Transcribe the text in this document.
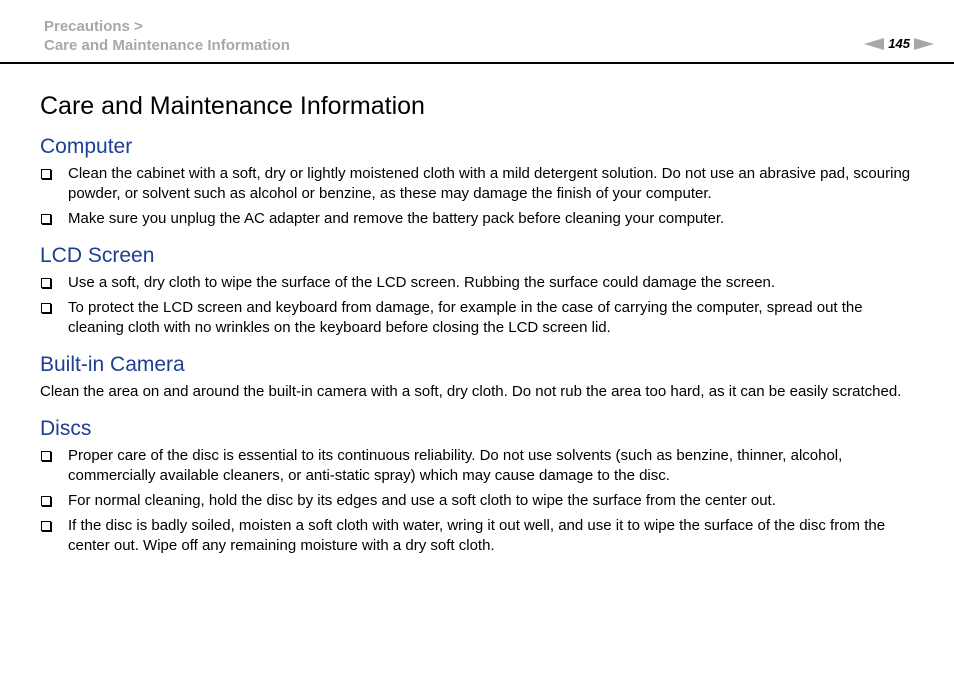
Precautions >
Care and Maintenance Information	145
Care and Maintenance Information
Computer
Clean the cabinet with a soft, dry or lightly moistened cloth with a mild detergent solution. Do not use an abrasive pad, scouring powder, or solvent such as alcohol or benzine, as these may damage the finish of your computer.
Make sure you unplug the AC adapter and remove the battery pack before cleaning your computer.
LCD Screen
Use a soft, dry cloth to wipe the surface of the LCD screen. Rubbing the surface could damage the screen.
To protect the LCD screen and keyboard from damage, for example in the case of carrying the computer, spread out the cleaning cloth with no wrinkles on the keyboard before closing the LCD screen lid.
Built-in Camera

Clean the area on and around the built-in camera with a soft, dry cloth. Do not rub the area too hard, as it can be easily scratched.

Discs
Proper care of the disc is essential to its continuous reliability. Do not use solvents (such as benzine, thinner, alcohol, commercially available cleaners, or anti-static spray) which may cause damage to the disc.
For normal cleaning, hold the disc by its edges and use a soft cloth to wipe the surface from the center out.
If the disc is badly soiled, moisten a soft cloth with water, wring it out well, and use it to wipe the surface of the disc from the center out. Wipe off any remaining moisture with a dry soft cloth.
